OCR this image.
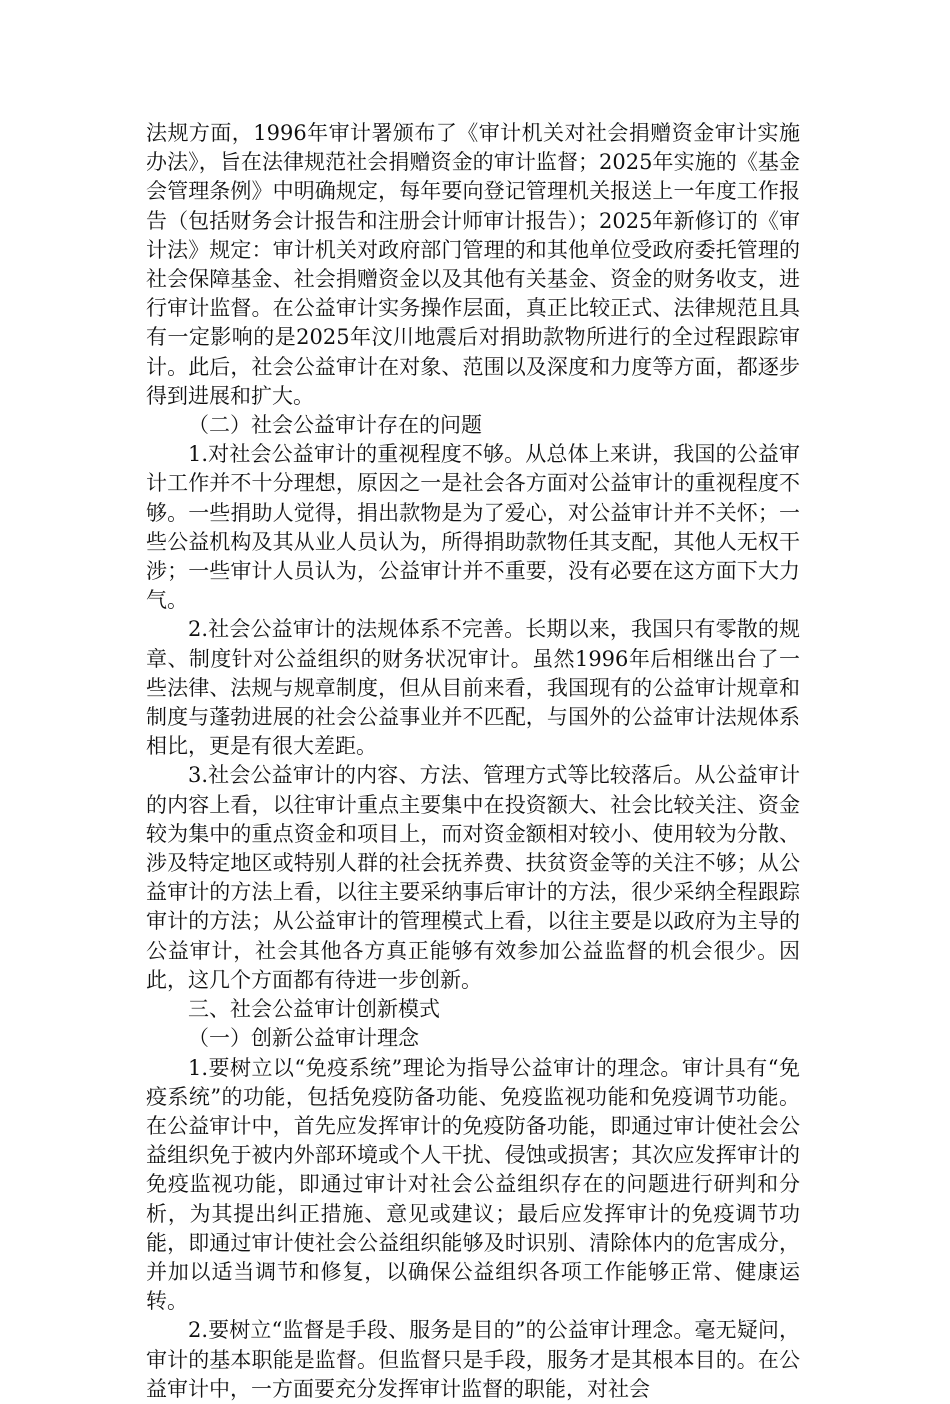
法规方面，1996年审计署颁布了《审计机关对社会捐赠资金审计实施办法》，旨在法律规范社会捐赠资金的审计监督；2025年实施的《基金会管理条例》中明确规定，每年要向登记管理机关报送上一年度工作报告（包括财务会计报告和注册会计师审计报告）；2025年新修订的《审计法》规定：审计机关对政府部门管理的和其他单位受政府委托管理的社会保障基金、社会捐赠资金以及其他有关基金、资金的财务收支，进行审计监督。在公益审计实务操作层面，真正比较正式、法律规范且具有一定影响的是2025年汶川地震后对捐助款物所进行的全过程跟踪审计。此后，社会公益审计在对象、范围以及深度和力度等方面，都逐步得到进展和扩大。

（二）社会公益审计存在的问题

1.对社会公益审计的重视程度不够。从总体上来讲，我国的公益审计工作并不十分理想，原因之一是社会各方面对公益审计的重视程度不够。一些捐助人觉得，捐出款物是为了爱心，对公益审计并不关怀；一些公益机构及其从业人员认为，所得捐助款物任其支配，其他人无权干涉；一些审计人员认为，公益审计并不重要，没有必要在这方面下大力气。

2.社会公益审计的法规体系不完善。长期以来，我国只有零散的规章、制度针对公益组织的财务状况审计。虽然1996年后相继出台了一些法律、法规与规章制度，但从目前来看，我国现有的公益审计规章和制度与蓬勃进展的社会公益事业并不匹配，与国外的公益审计法规体系相比，更是有很大差距。

3.社会公益审计的内容、方法、管理方式等比较落后。从公益审计的内容上看，以往审计重点主要集中在投资额大、社会比较关注、资金较为集中的重点资金和项目上，而对资金额相对较小、使用较为分散、涉及特定地区或特别人群的社会抚养费、扶贫资金等的关注不够；从公益审计的方法上看，以往主要采纳事后审计的方法，很少采纳全程跟踪审计的方法；从公益审计的管理模式上看，以往主要是以政府为主导的公益审计，社会其他各方真正能够有效参加公益监督的机会很少。因此，这几个方面都有待进一步创新。

三、社会公益审计创新模式

（一）创新公益审计理念

1.要树立以“免疫系统”理论为指导公益审计的理念。审计具有“免疫系统”的功能，包括免疫防备功能、免疫监视功能和免疫调节功能。在公益审计中，首先应发挥审计的免疫防备功能，即通过审计使社会公益组织免于被内外部环境或个人干扰、侵蚀或损害；其次应发挥审计的免疫监视功能，即通过审计对社会公益组织存在的问题进行研判和分析，为其提出纠正措施、意见或建议；最后应发挥审计的免疫调节功能，即通过审计使社会公益组织能够及时识别、清除体内的危害成分，并加以适当调节和修复，以确保公益组织各项工作能够正常、健康运转。

2.要树立“监督是手段、服务是目的”的公益审计理念。毫无疑问，审计的基本职能是监督。但监督只是手段，服务才是其根本目的。在公益审计中，一方面要充分发挥审计监督的职能，对社会
